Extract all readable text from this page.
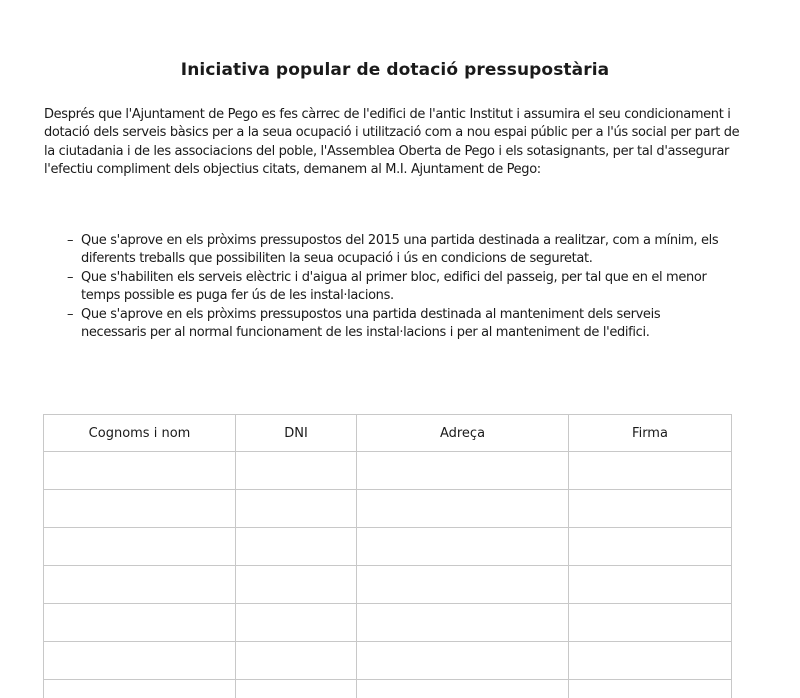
Iniciativa popular de dotació pressupostària

Després que l'Ajuntament de Pego es fes càrrec de l'edifici de l'antic Institut i assumira el seu condicionament i dotació dels serveis bàsics per a la seua ocupació i utilització com a nou espai públic per a l'ús social per part de la ciutadania i de les associacions del poble, l'Assemblea Oberta de Pego i els sotasignants, per tal d'assegurar l'efectiu compliment dels objectius citats, demanem al M.I. Ajuntament de Pego:

– Que s'aprove en els pròxims pressupostos del 2015 una partida destinada a realitzar, com a mínim, els diferents treballs que possibiliten la seua ocupació i ús en condicions de seguretat.
– Que s'habiliten els serveis elèctric i d'aigua al primer bloc, edifici del passeig, per tal que en el menor temps possible es puga fer ús de les instal·lacions.
– Que s'aprove en els pròxims pressupostos una partida destinada al manteniment dels serveis necessaris per al normal funcionament de les instal·lacions i per al manteniment de l'edifici.
Cognoms i nom	DNI	Adreça	Firma
